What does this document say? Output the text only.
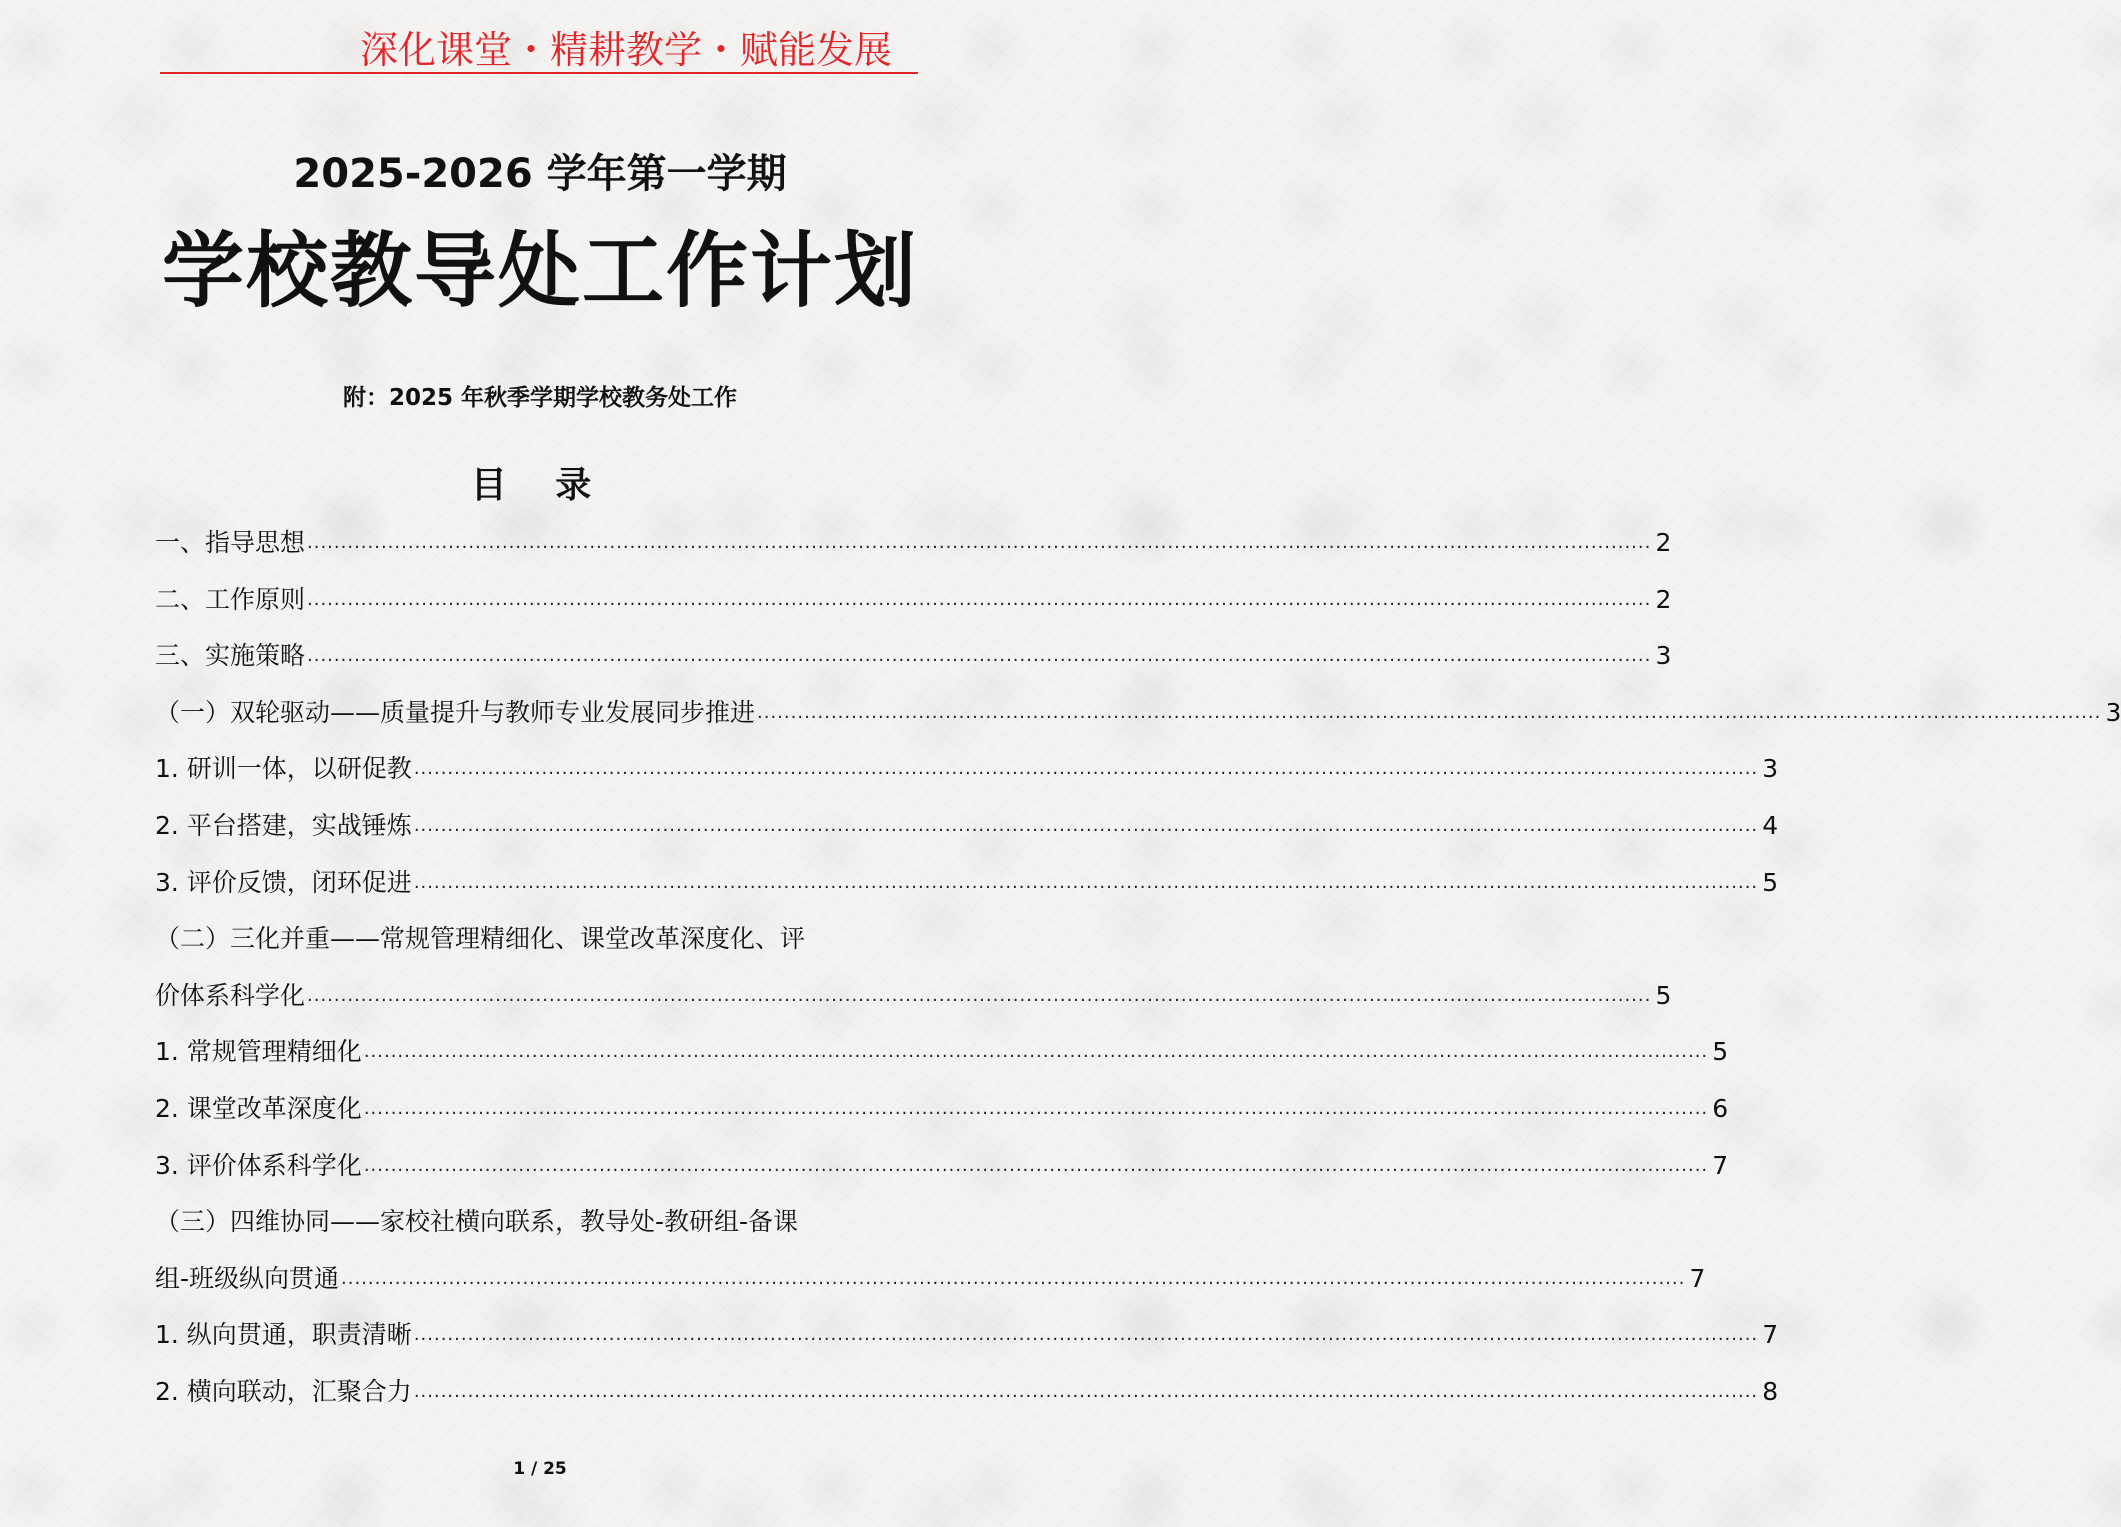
深化课堂・精耕教学・赋能发展
2025-2026 学年第一学期
学校教导处工作计划
附：2025 年秋季学期学校教务处工作
目 录
一、指导思想 ........................................................................................................................................................................................................ 2
二、工作原则 ........................................................................................................................................................................................................ 2
三、实施策略 ........................................................................................................................................................................................................ 3
（一）双轮驱动——质量提升与教师专业发展同步推进 ........................................................................................................................................................................................................ 3
1. 研训一体，以研促教 ........................................................................................................................................................................................................ 3
2. 平台搭建，实战锤炼 ........................................................................................................................................................................................................ 4
3. 评价反馈，闭环促进 ........................................................................................................................................................................................................ 5
（二）三化并重——常规管理精细化、课堂改革深度化、评
价体系科学化 ........................................................................................................................................................................................................ 5
1. 常规管理精细化 ........................................................................................................................................................................................................ 5
2. 课堂改革深度化 ........................................................................................................................................................................................................ 6
3. 评价体系科学化 ........................................................................................................................................................................................................ 7
（三）四维协同——家校社横向联系，教导处-教研组-备课
组-班级纵向贯通 ........................................................................................................................................................................................................ 7
1. 纵向贯通，职责清晰 ........................................................................................................................................................................................................ 7
2. 横向联动，汇聚合力 ........................................................................................................................................................................................................ 8
1 / 25
